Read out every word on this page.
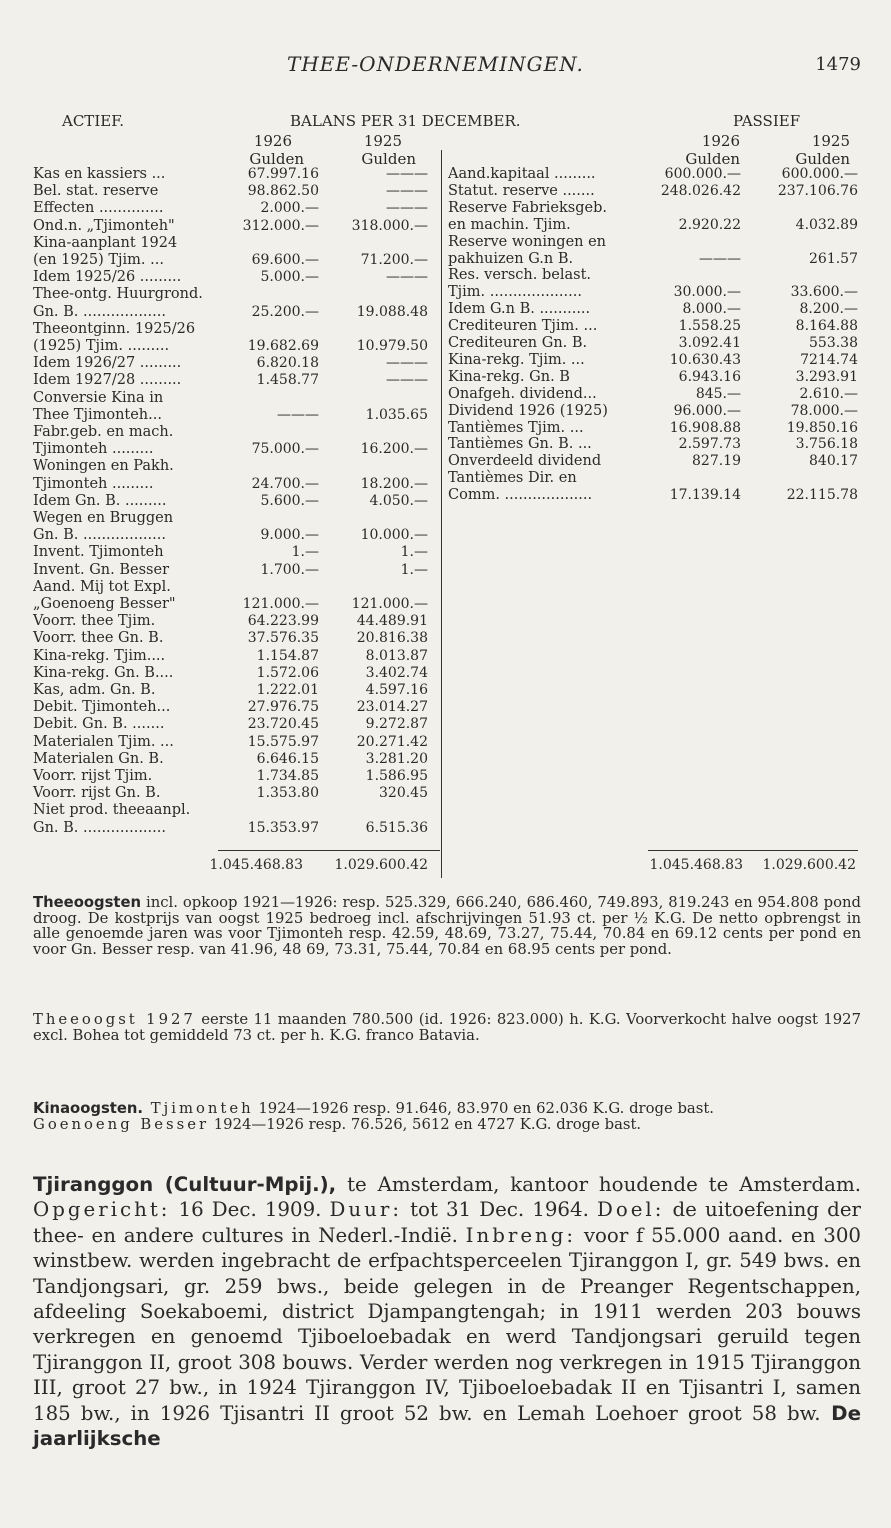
THEE-ONDERNEMINGEN.	1479
ACTIEF.	BALANS PER 31 DECEMBER.	PASSIEF
1926	1925
Gulden	Gulden
1926	1925
Gulden	Gulden
Kas en kassiers ...	67.997.16	———
Bel. stat. reserve	98.862.50	———
Effecten ..............	2.000.—	———
Ond.n. „Tjimonteh"	312.000.—	318.000.—
Kina-aanplant 1924
(en 1925) Tjim. ...	69.600.—	71.200.—
Idem 1925/26 .........	5.000.—	———
Thee-ontg. Huurgrond.
Gn. B. ..................	25.200.—	19.088.48
Theeontginn. 1925/26
(1925) Tjim. .........	19.682.69	10.979.50
Idem 1926/27 .........	6.820.18	———
Idem 1927/28 .........	1.458.77	———
Conversie Kina in
Thee Tjimonteh...	———	1.035.65
Fabr.geb. en mach.
Tjimonteh .........	75.000.—	16.200.—
Woningen en Pakh.
Tjimonteh .........	24.700.—	18.200.—
Idem Gn. B. .........	5.600.—	4.050.—
Wegen en Bruggen
Gn. B. ..................	9.000.—	10.000.—
Invent. Tjimonteh	1.—	1.—
Invent. Gn. Besser	1.700.—	1.—
Aand. Mij tot Expl.
„Goenoeng Besser"	121.000.—	121.000.—
Voorr. thee Tjim.	64.223.99	44.489.91
Voorr. thee Gn. B.	37.576.35	20.816.38
Kina-rekg. Tjim....	1.154.87	8.013.87
Kina-rekg. Gn. B....	1.572.06	3.402.74
Kas, adm. Gn. B.	1.222.01	4.597.16
Debit. Tjimonteh...	27.976.75	23.014.27
Debit. Gn. B. .......	23.720.45	9.272.87
Materialen Tjim. ...	15.575.97	20.271.42
Materialen Gn. B.	6.646.15	3.281.20
Voorr. rijst Tjim.	1.734.85	1.586.95
Voorr. rijst Gn. B.	1.353.80	320.45
Niet prod. theeaanpl.
Gn. B. ..................	15.353.97	6.515.36
Aand.kapitaal .........	600.000.—	600.000.—
Statut. reserve .......	248.026.42	237.106.76
Reserve Fabrieksgeb.
en machin. Tjim.	2.920.22	4.032.89
Reserve woningen en
pakhuizen G.n B.	———	261.57
Res. versch. belast.
Tjim. ....................	30.000.—	33.600.—
Idem G.n B. ...........	8.000.—	8.200.—
Crediteuren Tjim. ...	1.558.25	8.164.88
Crediteuren Gn. B.	3.092.41	553.38
Kina-rekg. Tjim. ...	10.630.43	7214.74
Kina-rekg. Gn. B	6.943.16	3.293.91
Onafgeh. dividend...	845.—	2.610.—
Dividend 1926 (1925)	96.000.—	78.000.—
Tantièmes Tjim. ...	16.908.88	19.850.16
Tantièmes Gn. B. ...	2.597.73	3.756.18
Onverdeeld dividend	827.19	840.17
Tantièmes Dir. en
Comm. ...................	17.139.14	22.115.78
1.045.468.83	1.029.600.42	1.045.468.83	1.029.600.42
Theeoogsten incl. opkoop 1921—1926: resp. 525.329, 666.240, 686.460, 749.893, 819.243 en 954.808 pond droog. De kostprijs van oogst 1925 bedroeg incl. afschrijvingen 51.93 ct. per ½ K.G. De netto opbrengst in alle genoemde jaren was voor Tjimonteh resp. 42.59, 48.69, 73.27, 75.44, 70.84 en 69.12 cents per pond en voor Gn. Besser resp. van 41.96, 48 69, 73.31, 75.44, 70.84 en 68.95 cents per pond.
Theeoogst 1927 eerste 11 maanden 780.500 (id. 1926: 823.000) h. K.G. Voorverkocht halve oogst 1927 excl. Bohea tot gemiddeld 73 ct. per h. K.G. franco Batavia.
Kinaoogsten. Tjimonteh 1924—1926 resp. 91.646, 83.970 en 62.036 K.G. droge bast.
Goenoeng Besser 1924—1926 resp. 76.526, 5612 en 4727 K.G. droge bast.
Tjiranggon (Cultuur-Mpij.), te Amsterdam, kantoor houdende te Amsterdam. Opgericht: 16 Dec. 1909. Duur: tot 31 Dec. 1964. Doel: de uitoefening der thee- en andere cultures in Nederl.-Indië. Inbreng: voor f 55.000 aand. en 300 winstbew. werden ingebracht de erfpachtsperceelen Tjiranggon I, gr. 549 bws. en Tandjongsari, gr. 259 bws., beide gelegen in de Preanger Regentschappen, afdeeling Soekaboemi, district Djampangtengah; in 1911 werden 203 bouws verkregen en genoemd Tjiboeloebadak en werd Tandjongsari geruild tegen Tjiranggon II, groot 308 bouws. Verder werden nog verkregen in 1915 Tjiranggon III, groot 27 bw., in 1924 Tjiranggon IV, Tjiboeloebadak II en Tjisantri I, samen 185 bw., in 1926 Tjisantri II groot 52 bw. en Lemah Loehoer groot 58 bw. De jaarlijksche
